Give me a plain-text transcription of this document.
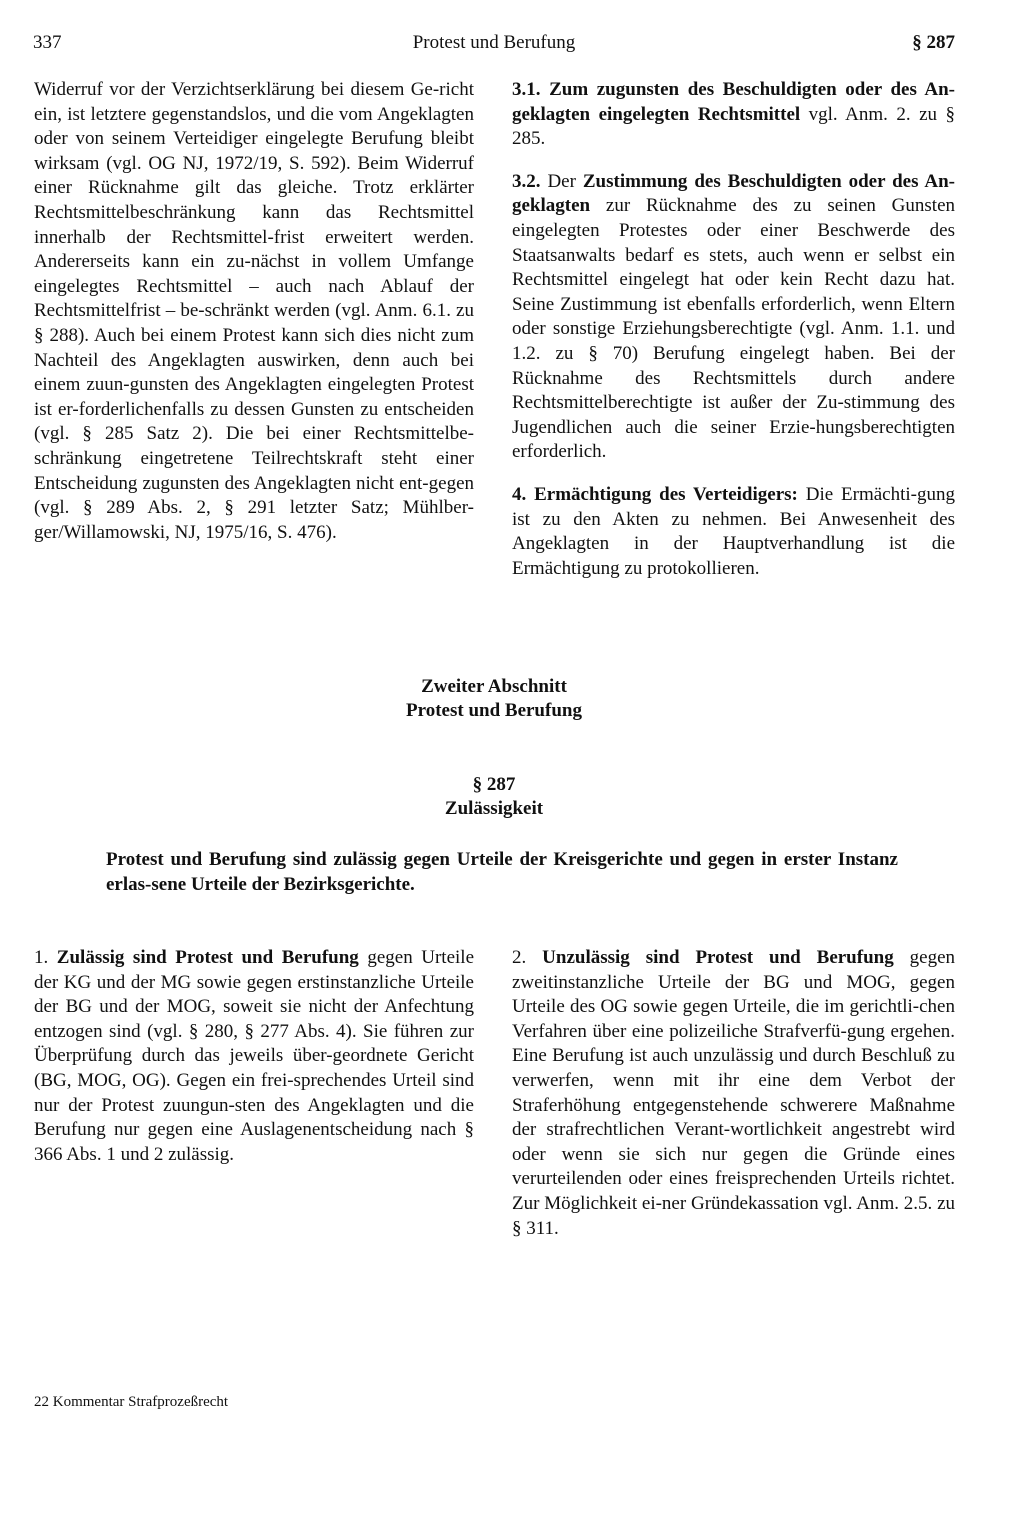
337	Protest und Berufung	§ 287

Widerruf vor der Verzichtserklärung bei diesem Ge-richt ein, ist letztere gegenstandslos, und die vom Angeklagten oder von seinem Verteidiger eingelegte Berufung bleibt wirksam (vgl. OG NJ, 1972/19, S. 592). Beim Widerruf einer Rücknahme gilt das gleiche. Trotz erklärter Rechtsmittelbeschränkung kann das Rechtsmittel innerhalb der Rechtsmittel-frist erweitert werden. Andererseits kann ein zu-nächst in vollem Umfange eingelegtes Rechtsmittel – auch nach Ablauf der Rechtsmittelfrist – be-schränkt werden (vgl. Anm. 6.1. zu § 288). Auch bei einem Protest kann sich dies nicht zum Nachteil des Angeklagten auswirken, denn auch bei einem zuun-gunsten des Angeklagten eingelegten Protest ist er-forderlichenfalls zu dessen Gunsten zu entscheiden (vgl. § 285 Satz 2). Die bei einer Rechtsmittelbe-schränkung eingetretene Teilrechtskraft steht einer Entscheidung zugunsten des Angeklagten nicht ent-gegen (vgl. § 289 Abs. 2, § 291 letzter Satz; Mühlber-ger/Willamowski, NJ, 1975/16, S. 476).

3.1. Zum zugunsten des Beschuldigten oder des An-geklagten eingelegten Rechtsmittel vgl. Anm. 2. zu § 285.

3.2. Der Zustimmung des Beschuldigten oder des An-geklagten zur Rücknahme des zu seinen Gunsten eingelegten Protestes oder einer Beschwerde des Staatsanwalts bedarf es stets, auch wenn er selbst ein Rechtsmittel eingelegt hat oder kein Recht dazu hat. Seine Zustimmung ist ebenfalls erforderlich, wenn Eltern oder sonstige Erziehungsberechtigte (vgl. Anm. 1.1. und 1.2. zu § 70) Berufung eingelegt haben. Bei der Rücknahme des Rechtsmittels durch andere Rechtsmittelberechtigte ist außer der Zu-stimmung des Jugendlichen auch die seiner Erzie-hungsberechtigten erforderlich.

4. Ermächtigung des Verteidigers: Die Ermächti-gung ist zu den Akten zu nehmen. Bei Anwesenheit des Angeklagten in der Hauptverhandlung ist die Ermächtigung zu protokollieren.

Zweiter Abschnitt
Protest und Berufung
§ 287
Zulässigkeit
Protest und Berufung sind zulässig gegen Urteile der Kreisgerichte und gegen in erster Instanz erlas-sene Urteile der Bezirksgerichte.

1. Zulässig sind Protest und Berufung gegen Urteile der KG und der MG sowie gegen erstinstanzliche Urteile der BG und der MOG, soweit sie nicht der Anfechtung entzogen sind (vgl. § 280, § 277 Abs. 4). Sie führen zur Überprüfung durch das jeweils über-geordnete Gericht (BG, MOG, OG). Gegen ein frei-sprechendes Urteil sind nur der Protest zuungun-sten des Angeklagten und die Berufung nur gegen eine Auslagenentscheidung nach § 366 Abs. 1 und 2 zulässig.

2. Unzulässig sind Protest und Berufung gegen zweitinstanzliche Urteile der BG und MOG, gegen Urteile des OG sowie gegen Urteile, die im gerichtli-chen Verfahren über eine polizeiliche Strafverfü-gung ergehen. Eine Berufung ist auch unzulässig und durch Beschluß zu verwerfen, wenn mit ihr eine dem Verbot der Straferhöhung entgegenstehende schwerere Maßnahme der strafrechtlichen Verant-wortlichkeit angestrebt wird oder wenn sie sich nur gegen die Gründe eines verurteilenden oder eines freisprechenden Urteils richtet. Zur Möglichkeit ei-ner Gründekassation vgl. Anm. 2.5. zu § 311.

22 Kommentar Strafprozeßrecht
